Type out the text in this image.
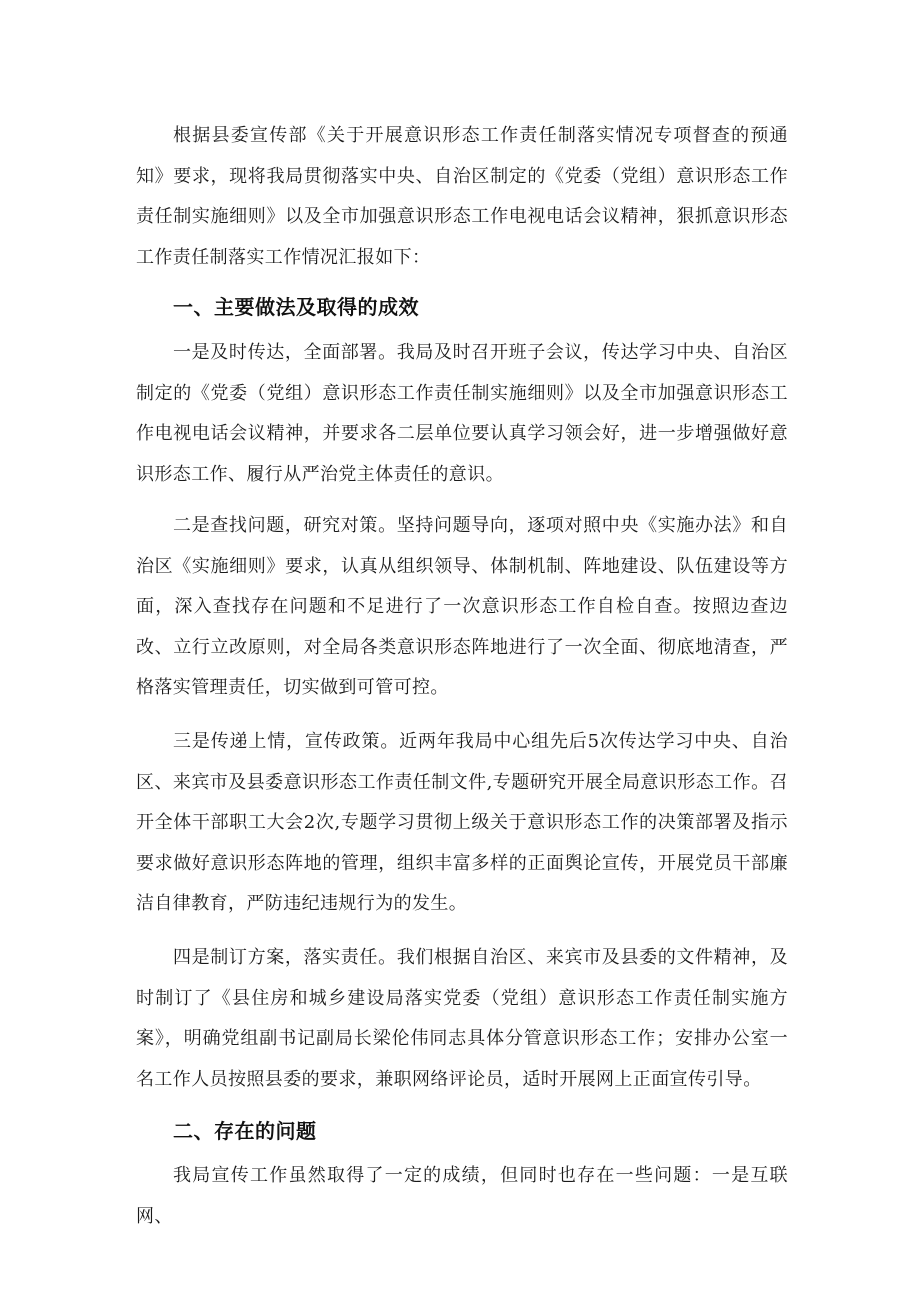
根据县委宣传部《关于开展意识形态工作责任制落实情况专项督查的预通知》要求，现将我局贯彻落实中央、自治区制定的《党委（党组）意识形态工作责任制实施细则》以及全市加强意识形态工作电视电话会议精神，狠抓意识形态工作责任制落实工作情况汇报如下：

一、主要做法及取得的成效

一是及时传达，全面部署。我局及时召开班子会议，传达学习中央、自治区制定的《党委（党组）意识形态工作责任制实施细则》以及全市加强意识形态工作电视电话会议精神，并要求各二层单位要认真学习领会好，进一步增强做好意识形态工作、履行从严治党主体责任的意识。

二是查找问题，研究对策。坚持问题导向，逐项对照中央《实施办法》和自治区《实施细则》要求，认真从组织领导、体制机制、阵地建设、队伍建设等方面，深入查找存在问题和不足进行了一次意识形态工作自检自查。按照边查边改、立行立改原则，对全局各类意识形态阵地进行了一次全面、彻底地清查，严格落实管理责任，切实做到可管可控。

三是传递上情，宣传政策。近两年我局中心组先后5次传达学习中央、自治区、来宾市及县委意识形态工作责任制文件,专题研究开展全局意识形态工作。召开全体干部职工大会2次,专题学习贯彻上级关于意识形态工作的决策部署及指示要求做好意识形态阵地的管理，组织丰富多样的正面舆论宣传，开展党员干部廉洁自律教育，严防违纪违规行为的发生。

四是制订方案，落实责任。我们根据自治区、来宾市及县委的文件精神，及时制订了《县住房和城乡建设局落实党委（党组）意识形态工作责任制实施方案》，明确党组副书记副局长梁伦伟同志具体分管意识形态工作；安排办公室一名工作人员按照县委的要求，兼职网络评论员，适时开展网上正面宣传引导。

二、存在的问题

我局宣传工作虽然取得了一定的成绩，但同时也存在一些问题：一是互联网、
